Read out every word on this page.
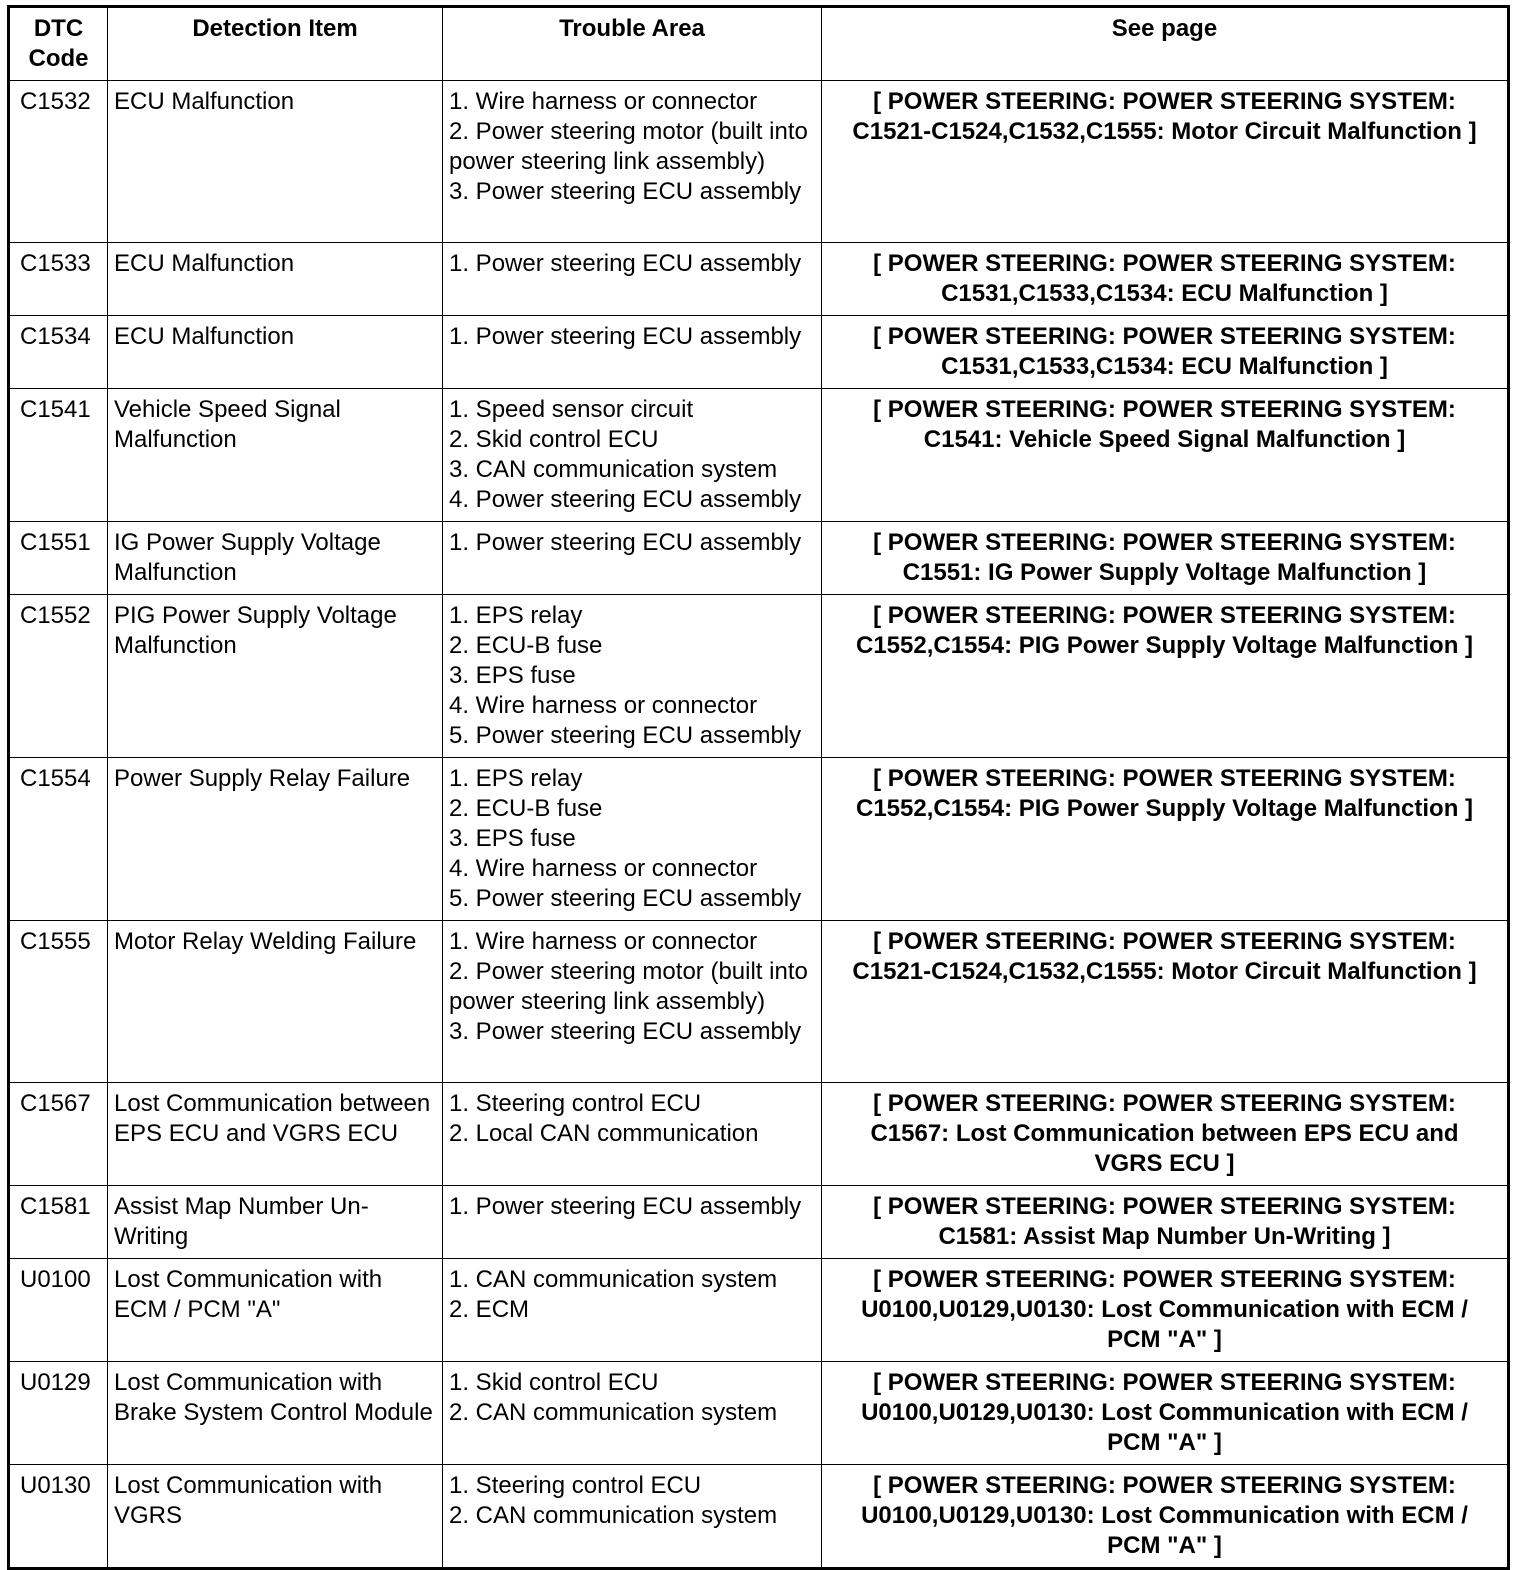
DTC Code	Detection Item	Trouble Area	See page
C1532	ECU Malfunction	1. Wire harness or connector
2. Power steering motor (built into power steering link assembly)
3. Power steering ECU assembly	[ POWER STEERING: POWER STEERING SYSTEM: C1521-C1524,C1532,C1555: Motor Circuit Malfunction ]
C1533	ECU Malfunction	1. Power steering ECU assembly	[ POWER STEERING: POWER STEERING SYSTEM: C1531,C1533,C1534: ECU Malfunction ]
C1534	ECU Malfunction	1. Power steering ECU assembly	[ POWER STEERING: POWER STEERING SYSTEM: C1531,C1533,C1534: ECU Malfunction ]
C1541	Vehicle Speed Signal Malfunction	1. Speed sensor circuit
2. Skid control ECU
3. CAN communication system
4. Power steering ECU assembly	[ POWER STEERING: POWER STEERING SYSTEM: C1541: Vehicle Speed Signal Malfunction ]
C1551	IG Power Supply Voltage Malfunction	1. Power steering ECU assembly	[ POWER STEERING: POWER STEERING SYSTEM: C1551: IG Power Supply Voltage Malfunction ]
C1552	PIG Power Supply Voltage Malfunction	1. EPS relay
2. ECU-B fuse
3. EPS fuse
4. Wire harness or connector
5. Power steering ECU assembly	[ POWER STEERING: POWER STEERING SYSTEM: C1552,C1554: PIG Power Supply Voltage Malfunction ]
C1554	Power Supply Relay Failure	1. EPS relay
2. ECU-B fuse
3. EPS fuse
4. Wire harness or connector
5. Power steering ECU assembly	[ POWER STEERING: POWER STEERING SYSTEM: C1552,C1554: PIG Power Supply Voltage Malfunction ]
C1555	Motor Relay Welding Failure	1. Wire harness or connector
2. Power steering motor (built into power steering link assembly)
3. Power steering ECU assembly	[ POWER STEERING: POWER STEERING SYSTEM: C1521-C1524,C1532,C1555: Motor Circuit Malfunction ]
C1567	Lost Communication between EPS ECU and VGRS ECU	1. Steering control ECU
2. Local CAN communication	[ POWER STEERING: POWER STEERING SYSTEM: C1567: Lost Communication between EPS ECU and VGRS ECU ]
C1581	Assist Map Number Un-Writing	1. Power steering ECU assembly	[ POWER STEERING: POWER STEERING SYSTEM: C1581: Assist Map Number Un-Writing ]
U0100	Lost Communication with ECM / PCM "A"	1. CAN communication system
2. ECM	[ POWER STEERING: POWER STEERING SYSTEM: U0100,U0129,U0130: Lost Communication with ECM / PCM "A" ]
U0129	Lost Communication with Brake System Control Module	1. Skid control ECU
2. CAN communication system	[ POWER STEERING: POWER STEERING SYSTEM: U0100,U0129,U0130: Lost Communication with ECM / PCM "A" ]
U0130	Lost Communication with VGRS	1. Steering control ECU
2. CAN communication system	[ POWER STEERING: POWER STEERING SYSTEM: U0100,U0129,U0130: Lost Communication with ECM / PCM "A" ]
